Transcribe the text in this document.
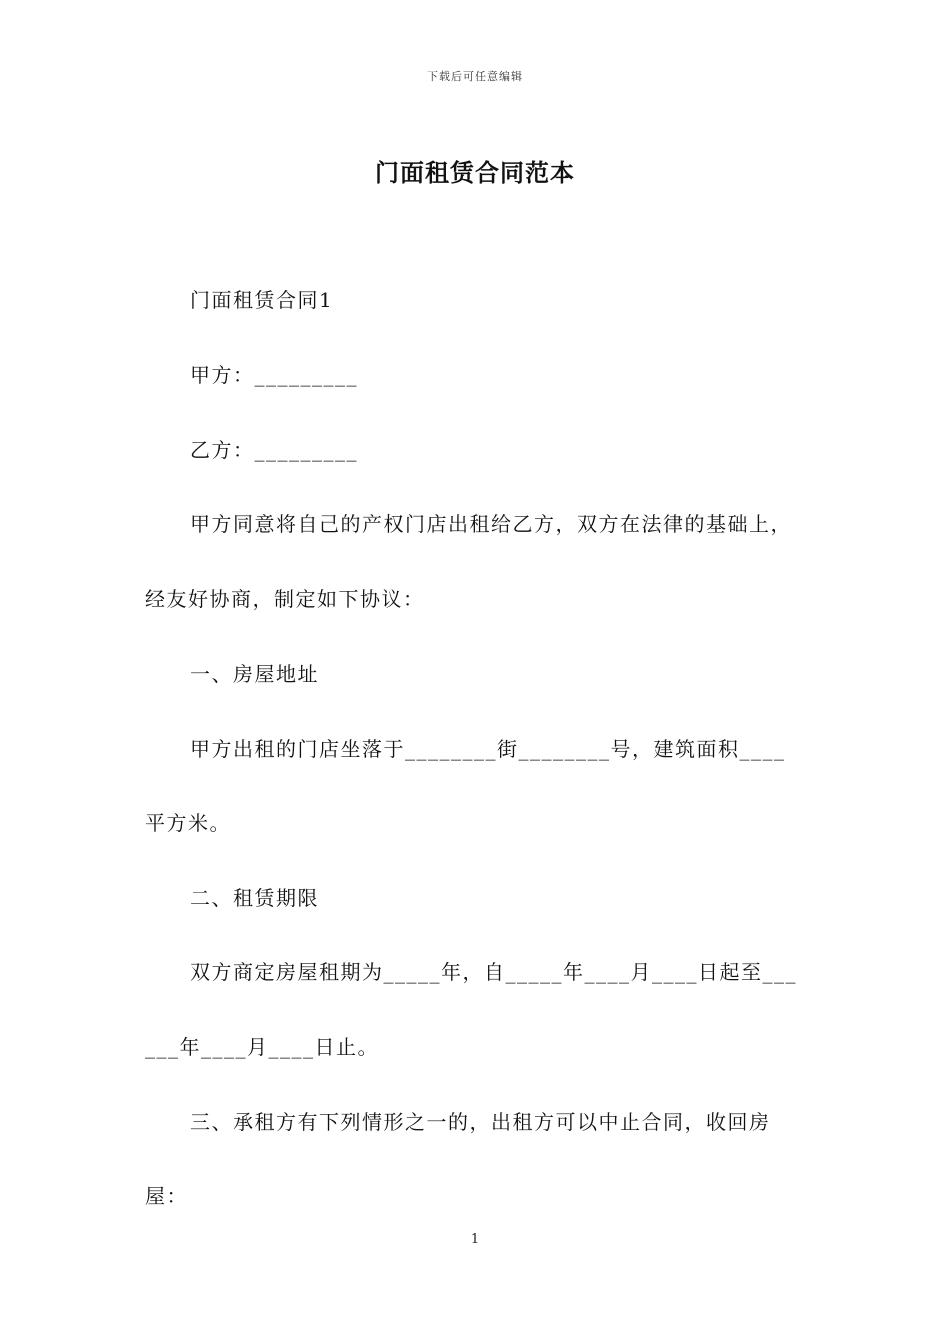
下载后可任意编辑
门面租赁合同范本
门面租赁合同1
甲方：_________
乙方：_________
甲方同意将自己的产权门店出租给乙方，双方在法律的基础上，
经友好协商，制定如下协议：
一、房屋地址
甲方出租的门店坐落于________街________号，建筑面积____
平方米。
二、租赁期限
双方商定房屋租期为_____年，自_____年____月____日起至___
___年____月____日止。
三、承租方有下列情形之一的，出租方可以中止合同，收回房
屋：
1
